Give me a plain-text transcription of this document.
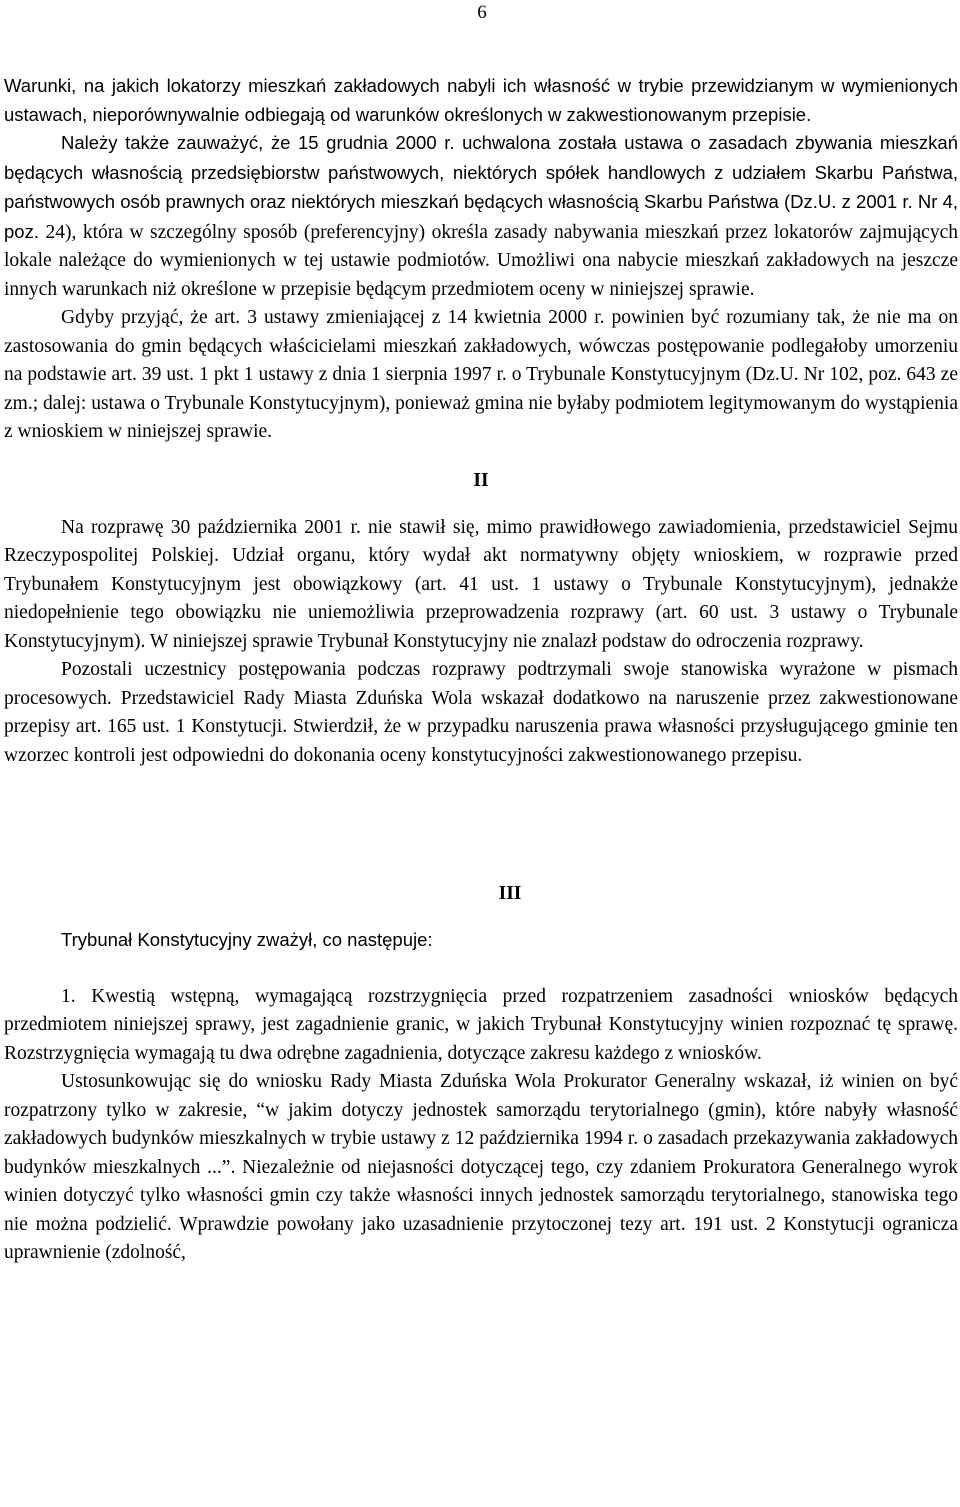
6

Warunki, na jakich lokatorzy mieszkań zakładowych nabyli ich własność w trybie przewidzianym w wymienionych ustawach, nieporównywalnie odbiegają od warunków określonych w zakwestionowanym przepisie.

Należy także zauważyć, że 15 grudnia 2000 r. uchwalona została ustawa o zasadach zbywania mieszkań będących własnością przedsiębiorstw państwowych, niektórych spółek handlowych z udziałem Skarbu Państwa, państwowych osób prawnych oraz niektórych mieszkań będących własnością Skarbu Państwa (Dz.U. z 2001 r. Nr 4, poz. 24), która w szczególny sposób (preferencyjny) określa zasady nabywania mieszkań przez lokatorów zajmujących lokale należące do wymienionych w tej ustawie podmiotów. Umożliwi ona nabycie mieszkań zakładowych na jeszcze innych warunkach niż określone w przepisie będącym przedmiotem oceny w niniejszej sprawie.

Gdyby przyjąć, że art. 3 ustawy zmieniającej z 14 kwietnia 2000 r. powinien być rozumiany tak, że nie ma on zastosowania do gmin będących właścicielami mieszkań zakładowych, wówczas postępowanie podlegałoby umorzeniu na podstawie art. 39 ust. 1 pkt 1 ustawy z dnia 1 sierpnia 1997 r. o Trybunale Konstytucyjnym (Dz.U. Nr 102, poz. 643 ze zm.; dalej: ustawa o Trybunale Konstytucyjnym), ponieważ gmina nie byłaby podmiotem legitymowanym do wystąpienia z wnioskiem w niniejszej sprawie.

II

Na rozprawę 30 października 2001 r. nie stawił się, mimo prawidłowego zawiadomienia, przedstawiciel Sejmu Rzeczypospolitej Polskiej. Udział organu, który wydał akt normatywny objęty wnioskiem, w rozprawie przed Trybunałem Konstytucyjnym jest obowiązkowy (art. 41 ust. 1 ustawy o Trybunale Konstytucyjnym), jednakże niedopełnienie tego obowiązku nie uniemożliwia przeprowadzenia rozprawy (art. 60 ust. 3 ustawy o Trybunale Konstytucyjnym). W niniejszej sprawie Trybunał Konstytucyjny nie znalazł podstaw do odroczenia rozprawy.

Pozostali uczestnicy postępowania podczas rozprawy podtrzymali swoje stanowiska wyrażone w pismach procesowych. Przedstawiciel Rady Miasta Zduńska Wola wskazał dodatkowo na naruszenie przez zakwestionowane przepisy art. 165 ust. 1 Konstytucji. Stwierdził, że w przypadku naruszenia prawa własności przysługującego gminie ten wzorzec kontroli jest odpowiedni do dokonania oceny konstytucyjności zakwestionowanego przepisu.

III

Trybunał Konstytucyjny zważył, co następuje:

1. Kwestią wstępną, wymagającą rozstrzygnięcia przed rozpatrzeniem zasadności wniosków będących przedmiotem niniejszej sprawy, jest zagadnienie granic, w jakich Trybunał Konstytucyjny winien rozpoznać tę sprawę. Rozstrzygnięcia wymagają tu dwa odrębne zagadnienia, dotyczące zakresu każdego z wniosków.

Ustosunkowując się do wniosku Rady Miasta Zduńska Wola Prokurator Generalny wskazał, iż winien on być rozpatrzony tylko w zakresie, “w jakim dotyczy jednostek samorządu terytorialnego (gmin), które nabyły własność zakładowych budynków mieszkalnych w trybie ustawy z 12 października 1994 r. o zasadach przekazywania zakładowych budynków mieszkalnych ...”. Niezależnie od niejasności dotyczącej tego, czy zdaniem Prokuratora Generalnego wyrok winien dotyczyć tylko własności gmin czy także własności innych jednostek samorządu terytorialnego, stanowiska tego nie można podzielić. Wprawdzie powołany jako uzasadnienie przytoczonej tezy art. 191 ust. 2 Konstytucji ogranicza uprawnienie (zdolność,
